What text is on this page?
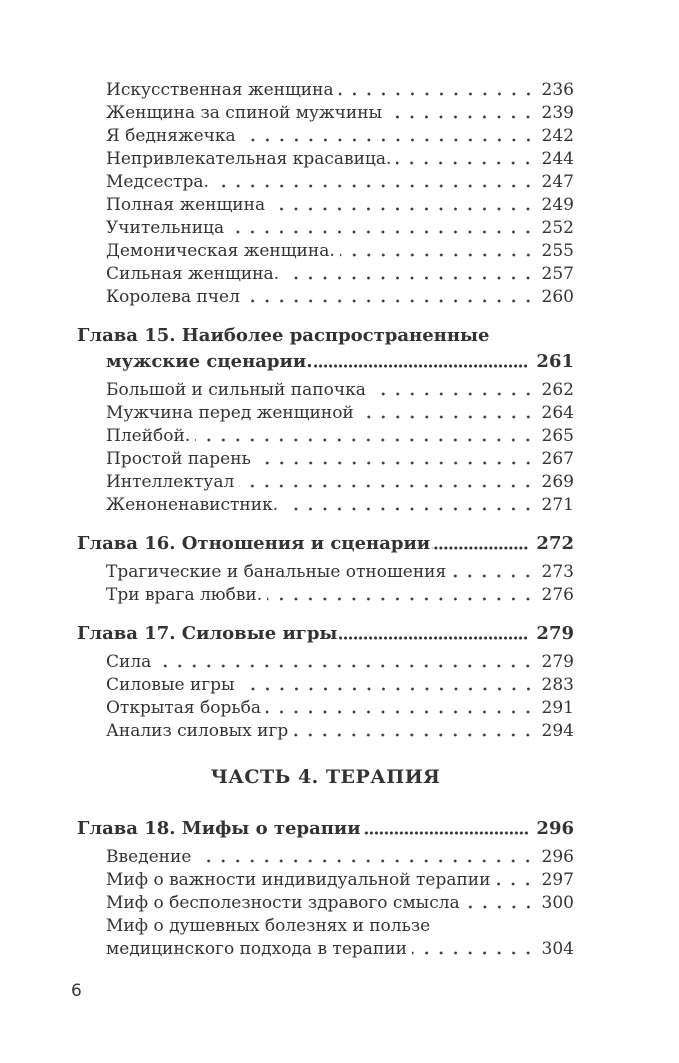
Искусственная женщина	236
Женщина за спиной мужчины	239
Я бедняжечка	242
Непривлекательная красавица.	244
Медсестра.	247
Полная женщина	249
Учительница	252
Демоническая женщина.	255
Сильная женщина.	257
Королева пчел	260
Глава 15. Наиболее распространенные
мужские сценарии.	261
Большой и сильный папочка	262
Мужчина перед женщиной	264
Плейбой.	265
Простой парень	267
Интеллектуал	269
Женоненавистник.	271
Глава 16. Отношения и сценарии	272
Трагические и банальные отношения	273
Три врага любви.	276
Глава 17. Силовые игры	279
Сила	279
Силовые игры	283
Открытая борьба	291
Анализ силовых игр	294
ЧАСТЬ 4. ТЕРАПИЯ
Глава 18. Мифы о терапии	296
Введение	296
Миф о важности индивидуальной терапии	297
Миф о бесполезности здравого смысла	300
Миф о душевных болезнях и пользе
медицинского подхода в терапии	304
6
